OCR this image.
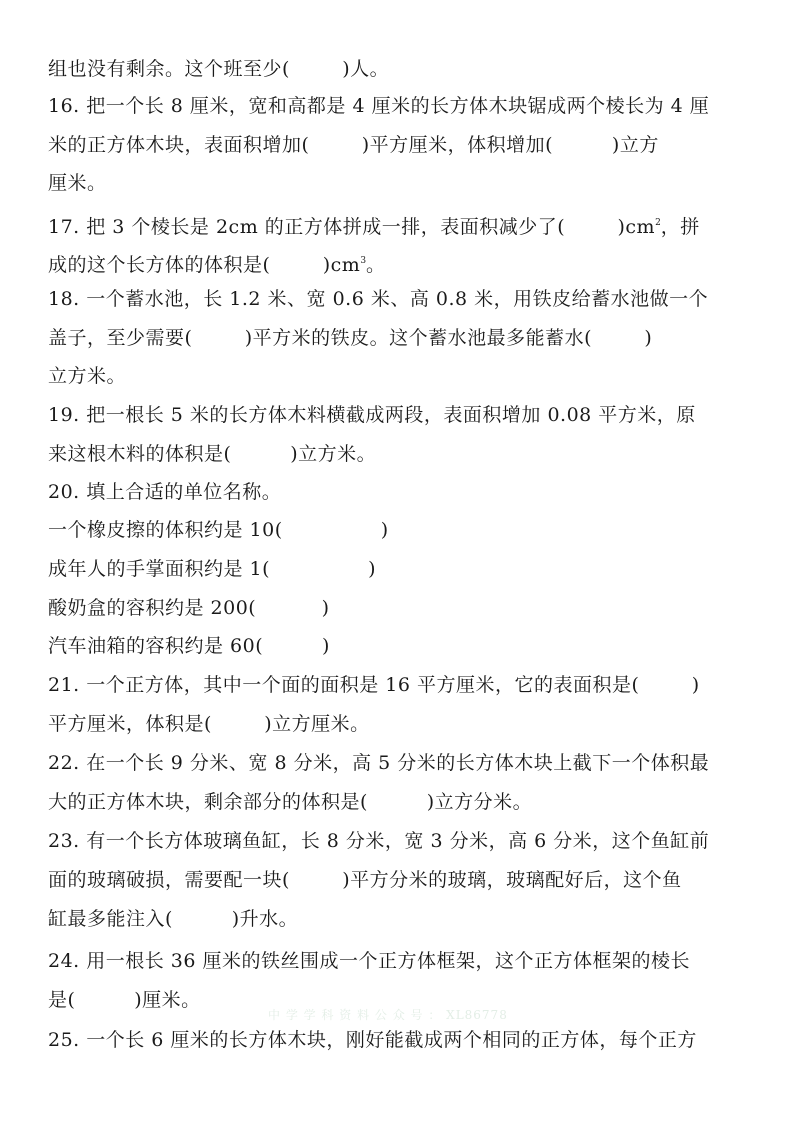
组也没有剩余。这个班至少(        )人。
16. 把一个长 8 厘米，宽和高都是 4 厘米的长方体木块锯成两个棱长为 4 厘
米的正方体木块，表面积增加(        )平方厘米，体积增加(         )立方
厘米。
17. 把 3 个棱长是 2cm 的正方体拼成一排，表面积减少了(        )$cm^2$，拼
成的这个长方体的体积是(        )$cm^3$。
18. 一个蓄水池，长 1.2 米、宽 0.6 米、高 0.8 米，用铁皮给蓄水池做一个
盖子，至少需要(        )平方米的铁皮。这个蓄水池最多能蓄水(        )
立方米。
19. 把一根长 5 米的长方体木料横截成两段，表面积增加 0.08 平方米，原
来这根木料的体积是(         )立方米。
20. 填上合适的单位名称。
一个橡皮擦的体积约是 10(               )
成年人的手掌面积约是 1(               )
酸奶盒的容积约是 200(          )
汽车油箱的容积约是 60(         )
21. 一个正方体，其中一个面的面积是 16 平方厘米，它的表面积是(        )
平方厘米，体积是(        )立方厘米。
22. 在一个长 9 分米、宽 8 分米，高 5 分米的长方体木块上截下一个体积最
大的正方体木块，剩余部分的体积是(         )立方分米。
23. 有一个长方体玻璃鱼缸，长 8 分米，宽 3 分米，高 6 分米，这个鱼缸前
面的玻璃破损，需要配一块(        )平方分米的玻璃，玻璃配好后，这个鱼
缸最多能注入(         )升水。
24. 用一根长 36 厘米的铁丝围成一个正方体框架，这个正方体框架的棱长
是(         )厘米。
25. 一个长 6 厘米的长方体木块，刚好能截成两个相同的正方体，每个正方
中 学 学 科 资 料 公 众 号 ： XL86778
